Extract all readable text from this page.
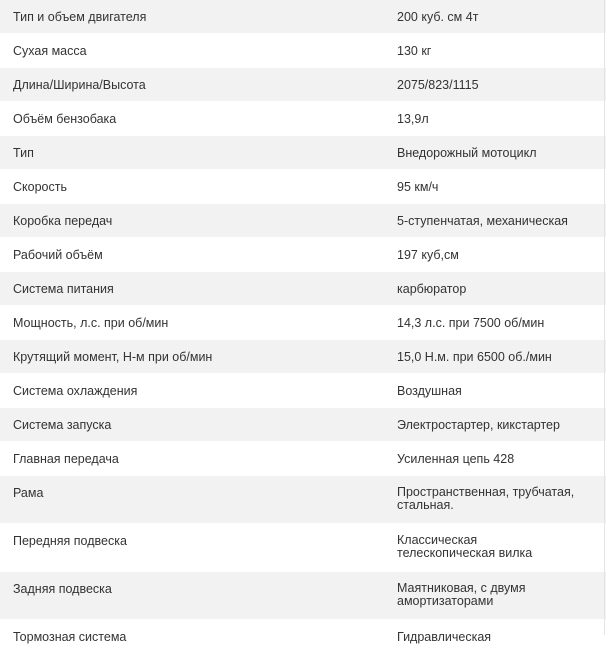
Тип и объем двигателя	200 куб. см 4т
Сухая масса	130 кг
Длина/Ширина/Высота	2075/823/1115
Объём бензобака	13,9л
Тип	Внедорожный мотоцикл
Скорость	95 км/ч
Коробка передач	5-ступенчатая, механическая
Рабочий объём	197 куб,см
Система питания	карбюратор
Мощность, л.с. при об/мин	14,3 л.с. при 7500 об/мин
Крутящий момент, Н-м при об/мин	15,0 Н.м. при 6500 об./мин
Система охлаждения	Воздушная
Система запуска	Электростартер, кикстартер
Главная передача	Усиленная цепь 428
Рама	Пространственная, трубчатая, стальная.
Передняя подвеска	Классическая телескопическая вилка
Задняя подвеска	Маятниковая, с двумя амортизаторами
Тормозная система	Гидравлическая
